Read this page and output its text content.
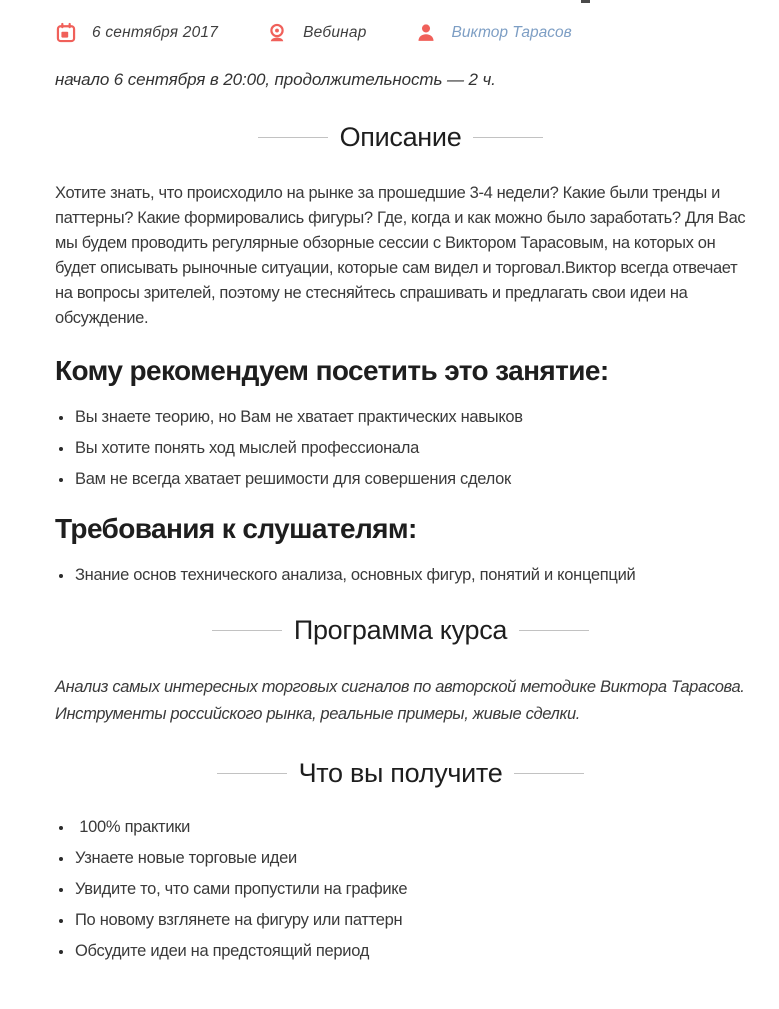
6 сентября 2017	Вебинар	Виктор Тарасов

начало 6 сентября в 20:00, продолжительность — 2 ч.

Описание

Хотите знать, что происходило на рынке за прошедшие 3-4 недели? Какие были тренды и паттерны? Какие формировались фигуры? Где, когда и как можно было заработать? Для Вас мы будем проводить регулярные обзорные сессии с Виктором Тарасовым, на которых он будет описывать рыночные ситуации, которые сам видел и торговал.Виктор всегда отвечает на вопросы зрителей, поэтому не стесняйтесь спрашивать и предлагать свои идеи на обсуждение.

Кому рекомендуем посетить это занятие:
• Вы знаете теорию, но Вам не хватает практических навыков
• Вы хотите понять ход мыслей профессионала
• Вам не всегда хватает решимости для совершения сделок
Требования к слушателям:
• Знание основ технического анализа, основных фигур, понятий и концепций
Программа курса

Анализ самых интересных торговых сигналов по авторской методике Виктора Тарасова. Инструменты российского рынка, реальные примеры, живые сделки.

Что вы получите
•  100% практики
• Узнаете новые торговые идеи
• Увидите то, что сами пропустили на графике
• По новому взглянете на фигуру или паттерн
• Обсудите идеи на предстоящий период
